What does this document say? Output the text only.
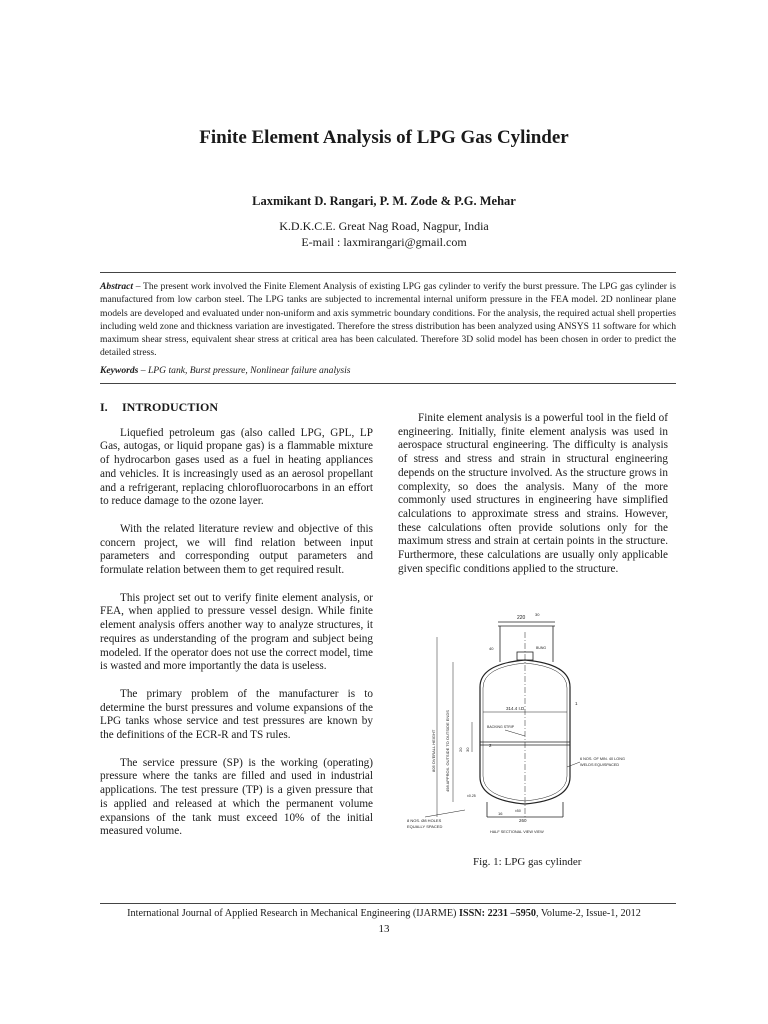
Finite Element Analysis of LPG Gas Cylinder
Laxmikant D. Rangari, P. M. Zode & P.G. Mehar
K.D.K.C.E. Great Nag Road, Nagpur, India
E-mail : laxmirangari@gmail.com
Abstract – The present work involved the Finite Element Analysis of existing LPG gas cylinder to verify the burst pressure. The LPG gas cylinder is manufactured from low carbon steel. The LPG tanks are subjected to incremental internal uniform pressure in the FEA model. 2D nonlinear plane models are developed and evaluated under non-uniform and axis symmetric boundary conditions. For the analysis, the required actual shell properties including weld zone and thickness variation are investigated. Therefore the stress distribution has been analyzed using ANSYS 11 software for which maximum shear stress, equivalent shear stress at critical area has been calculated. Therefore 3D solid model has been chosen in order to predict the detailed stress.
Keywords – LPG tank, Burst pressure, Nonlinear failure analysis
I. INTRODUCTION

Liquefied petroleum gas (also called LPG, GPL, LP Gas, autogas, or liquid propane gas) is a flammable mixture of hydrocarbon gases used as a fuel in heating appliances and vehicles. It is increasingly used as an aerosol propellant and a refrigerant, replacing chlorofluorocarbons in an effort to reduce damage to the ozone layer.

With the related literature review and objective of this concern project, we will find relation between input parameters and corresponding output parameters and formulate relation between them to get required result.

This project set out to verify finite element analysis, or FEA, when applied to pressure vessel design. While finite element analysis offers another way to analyze structures, it requires as understanding of the program and subject being modeled. If the operator does not use the correct model, time is wasted and more importantly the data is useless.

The primary problem of the manufacturer is to determine the burst pressures and volume expansions of the LPG tanks whose service and test pressures are known by the definitions of the ECR-R and TS rules.

The service pressure (SP) is the working (operating) pressure where the tanks are filled and used in industrial applications. The test pressure (TP) is a given pressure that is applied and released at which the permanent volume expansions of the tank must exceed 10% of the initial measured volume.

Finite element analysis is a powerful tool in the field of engineering. Initially, finite element analysis was used in aerospace structural engineering. The difficulty is analysis of stress and stress and strain in structural engineering depends on the structure involved. As the structure grows in complexity, so does the analysis. Many of the more commonly used structures in engineering have simplified calculations to approximate stress and strains. However, these calculations often provide solutions only for the maximum stress and strain at certain points in the structure. Furthermore, these calculations are usually only applicable given specific conditions applied to the structure.

220
30
40	BUNG
314.4 I.D.
1
2
BACKING STRIP
20 30
6 NOS. OF MIN. 40 LONG
WELDS EQUISPACED
805 OVERALL HEIGHT 498 APPROX. OUTSIDE TO OUTSIDE ENDS
±0.25
16	±50
260
8 NOS. Ø8 HOLES
EQUALLY SPACED
HALF SECTIONAL VIEW VIEW
Fig. 1: LPG gas cylinder
International Journal of Applied Research in Mechanical Engineering (IJARME) ISSN: 2231 –5950, Volume-2, Issue-1, 2012
13
